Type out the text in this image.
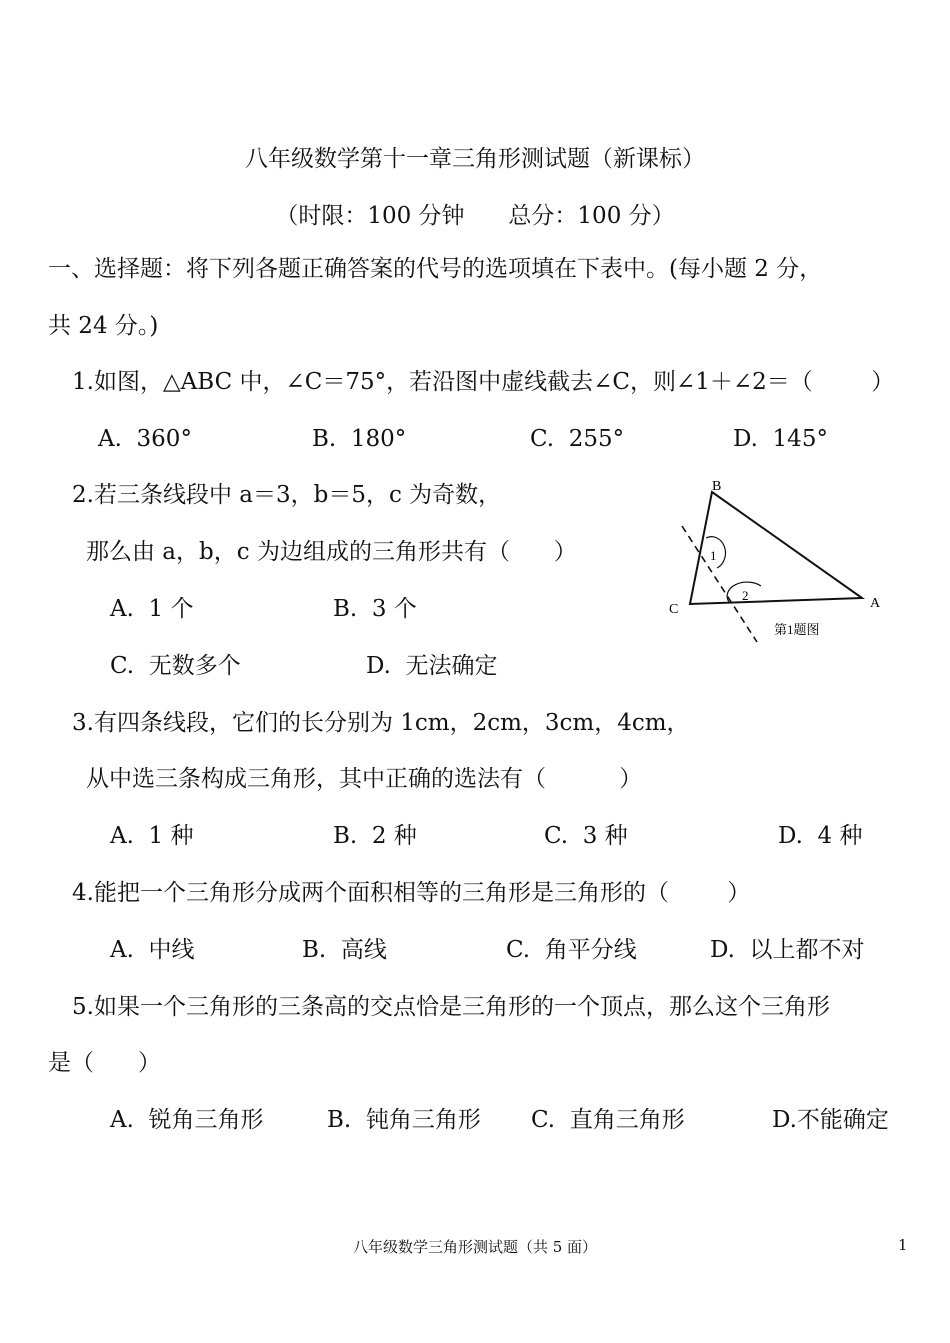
八年级数学第十一章三角形测试题（新课标）
（时限：100 分钟      总分：100 分）
一、选择题：将下列各题正确答案的代号的选项填在下表中。(每小题 2 分，
共 24 分。)
1.如图，△ABC 中，∠C＝75°，若沿图中虚线截去∠C，则∠1＋∠2＝（        ）
A.  360°	B.  180°	C.  255°	D.  145°
2.若三条线段中 a＝3，b＝5，c 为奇数，
那么由 a，b，c 为边组成的三角形共有（      ）
A.  1 个	B.  3 个
C.  无数多个	D.  无法确定
B
C	A
1
2
第1题图
3.有四条线段，它们的长分别为 1cm，2cm，3cm，4cm，
从中选三条构成三角形，其中正确的选法有（          ）
A.  1 种	B.  2 种	C.  3 种	D.  4 种
4.能把一个三角形分成两个面积相等的三角形是三角形的（        ）
A.  中线	B.  高线	C.  角平分线	D.  以上都不对
5.如果一个三角形的三条高的交点恰是三角形的一个顶点，那么这个三角形
是（      ）
A.  锐角三角形	B.  钝角三角形 C.  直角三角形	D.不能确定
八年级数学三角形测试题（共 5 面）	1
